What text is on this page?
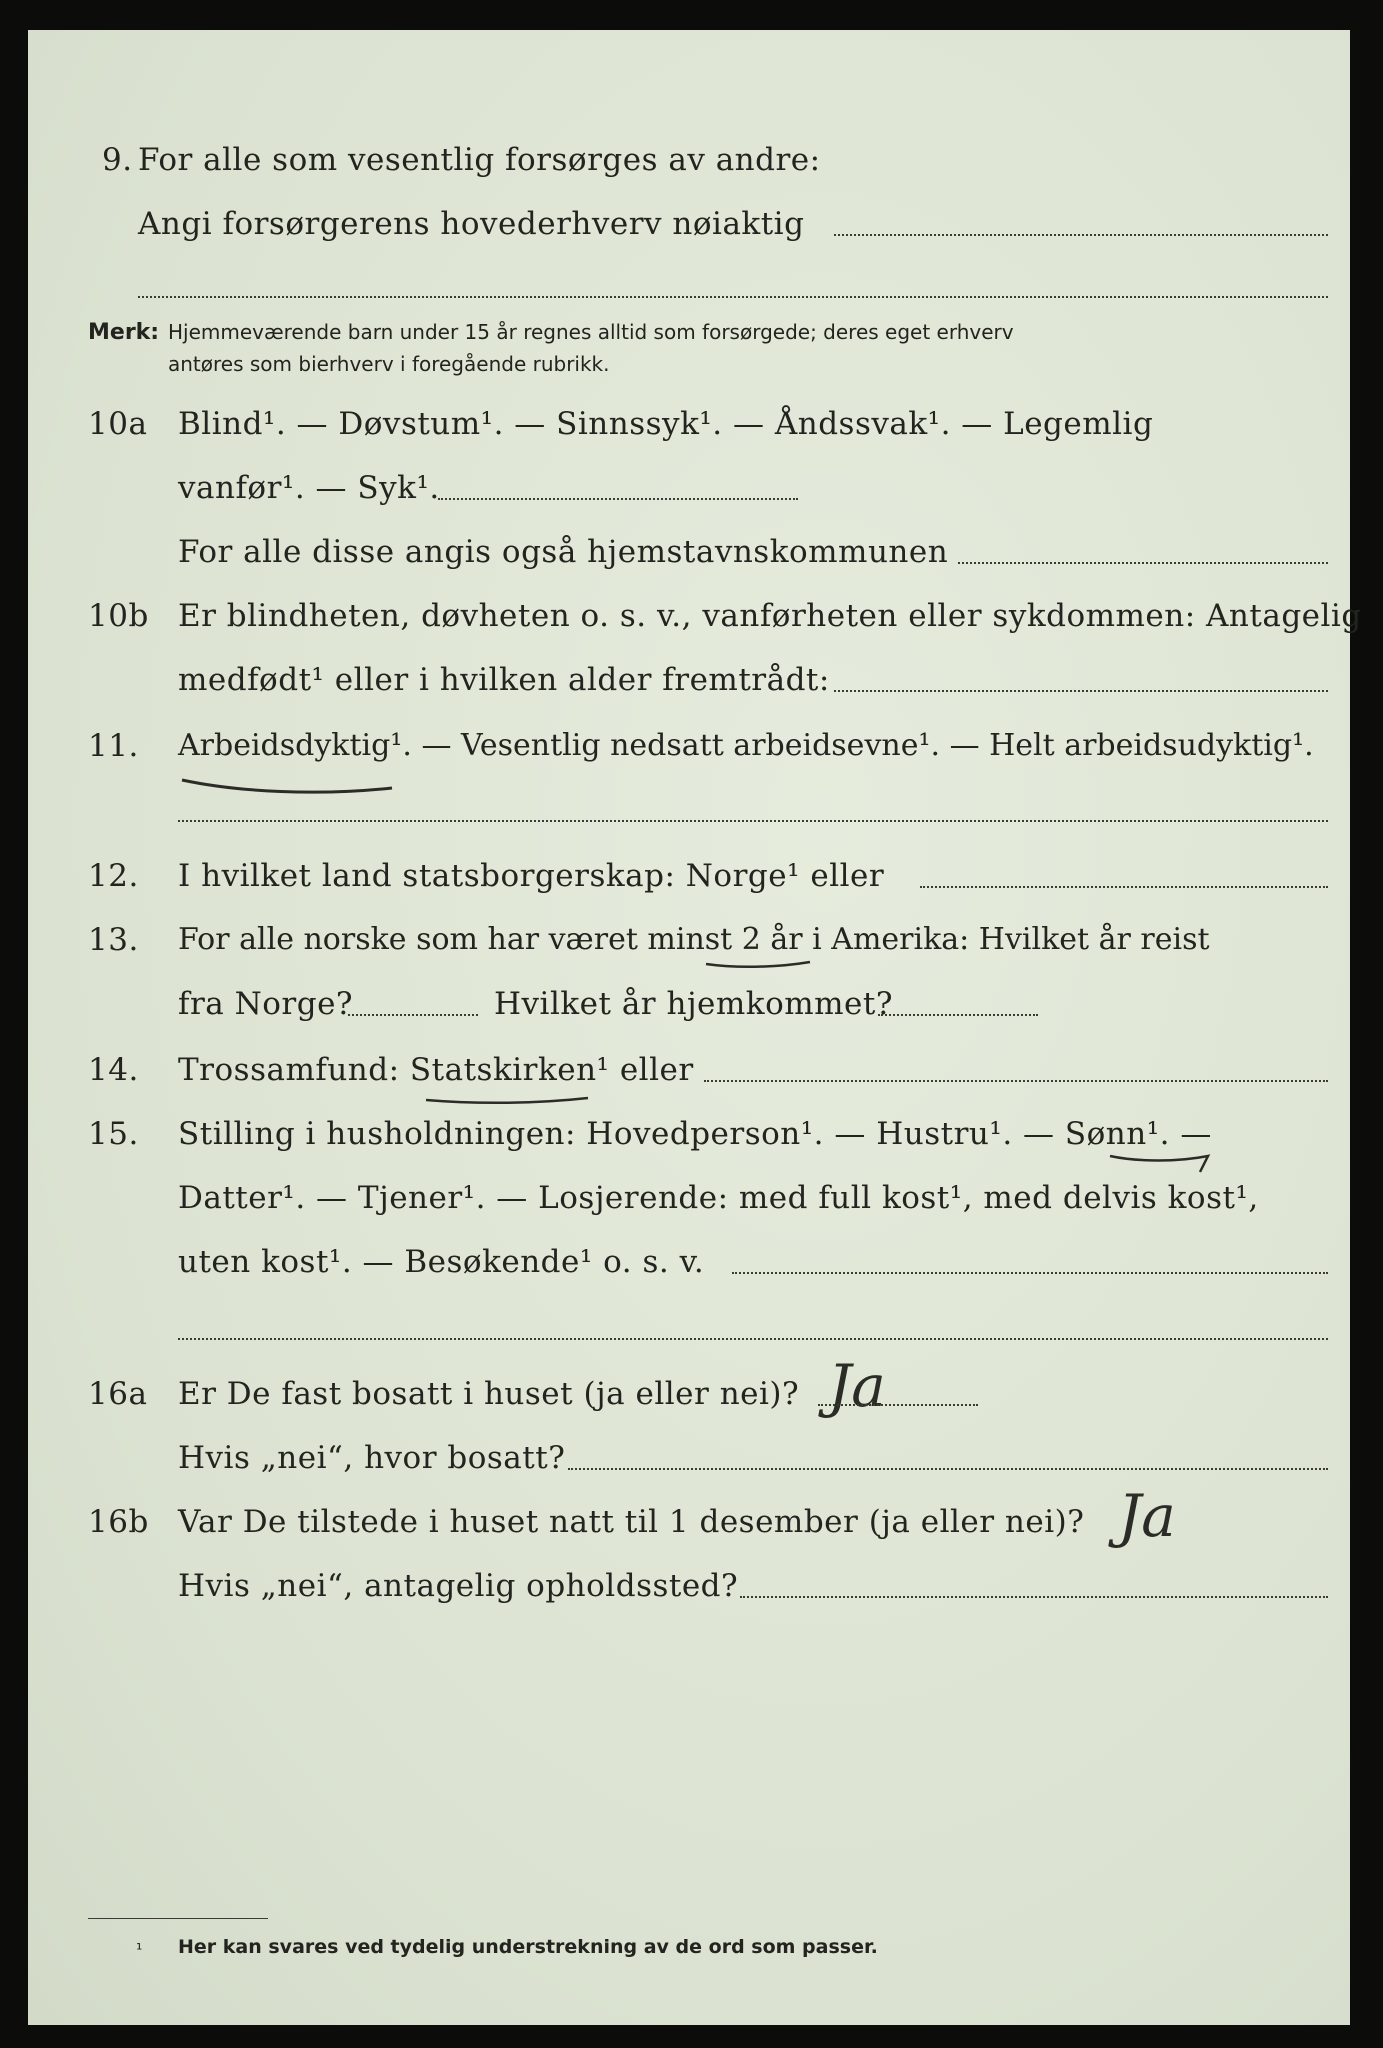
9. For alle som vesentlig forsørges av andre:
Angi forsørgerens hovederhverv nøiaktig
Merk: Hjemmeværende barn under 15 år regnes alltid som forsørgede; deres eget erhverv
antøres som bierhverv i foregående rubrikk.
10a Blind¹. — Døvstum¹. — Sinnssyk¹. — Åndssvak¹. — Legemlig
vanfør¹. — Syk¹.
For alle disse angis også hjemstavnskommunen
10b Er blindheten, døvheten o. s. v., vanførheten eller sykdommen: Antagelig
medfødt¹ eller i hvilken alder fremtrådt:
11. Arbeidsdyktig¹. — Vesentlig nedsatt arbeidsevne¹. — Helt arbeidsudyktig¹.
12. I hvilket land statsborgerskap: Norge¹ eller
13. For alle norske som har været minst 2 år i Amerika: Hvilket år reist
fra Norge?	Hvilket år hjemkommet?
14. Trossamfund: Statskirken¹ eller
15. Stilling i husholdningen: Hovedperson¹. — Hustru¹. — Sønn¹. —
Datter¹. — Tjener¹. — Losjerende: med full kost¹, med delvis kost¹,
uten kost¹. — Besøkende¹ o. s. v.
16a Er De fast bosatt i huset (ja eller nei)? Ja
Hvis „nei“, hvor bosatt?
16b Var De tilstede i huset natt til 1 desember (ja eller nei)? Ja
Hvis „nei“, antagelig opholdssted?
¹ Her kan svares ved tydelig understrekning av de ord som passer.
